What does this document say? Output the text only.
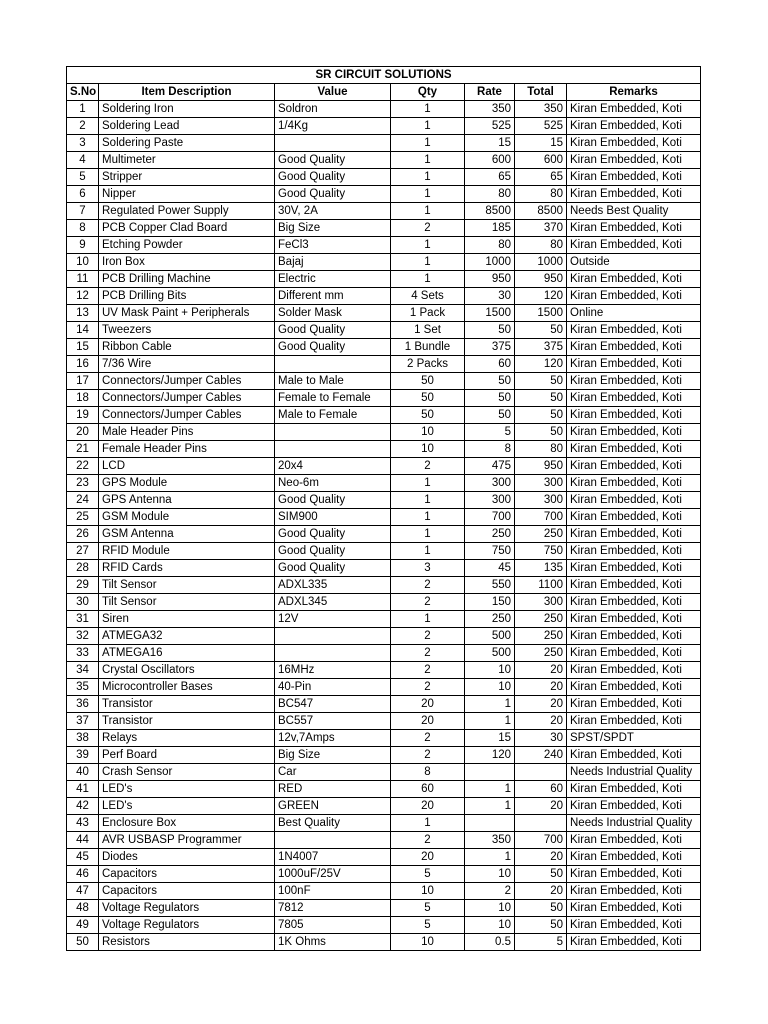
SR CIRCUIT SOLUTIONS						
S.No	Item Description	Value	Qty	Rate	Total	Remarks
1	Soldering Iron	Soldron	1	350	350	Kiran Embedded, Koti
2	Soldering Lead	1/4Kg	1	525	525	Kiran Embedded, Koti
3	Soldering Paste		1	15	15	Kiran Embedded, Koti
4	Multimeter	Good Quality	1	600	600	Kiran Embedded, Koti
5	Stripper	Good Quality	1	65	65	Kiran Embedded, Koti
6	Nipper	Good Quality	1	80	80	Kiran Embedded, Koti
7	Regulated Power Supply	30V, 2A	1	8500	8500	Needs Best Quality
8	PCB Copper Clad Board	Big Size	2	185	370	Kiran Embedded, Koti
9	Etching Powder	FeCl3	1	80	80	Kiran Embedded, Koti
10	Iron Box	Bajaj	1	1000	1000	Outside
11	PCB Drilling Machine	Electric	1	950	950	Kiran Embedded, Koti
12	PCB Drilling Bits	Different mm	4 Sets	30	120	Kiran Embedded, Koti
13	UV Mask Paint + Peripherals	Solder Mask	1 Pack	1500	1500	Online
14	Tweezers	Good Quality	1 Set	50	50	Kiran Embedded, Koti
15	Ribbon Cable	Good Quality	1 Bundle	375	375	Kiran Embedded, Koti
16	7/36 Wire		2 Packs	60	120	Kiran Embedded, Koti
17	Connectors/Jumper Cables	Male to Male	50	50	50	Kiran Embedded, Koti
18	Connectors/Jumper Cables	Female to Female	50	50	50	Kiran Embedded, Koti
19	Connectors/Jumper Cables	Male to Female	50	50	50	Kiran Embedded, Koti
20	Male Header Pins		10	5	50	Kiran Embedded, Koti
21	Female Header Pins		10	8	80	Kiran Embedded, Koti
22	LCD	20x4	2	475	950	Kiran Embedded, Koti
23	GPS Module	Neo-6m	1	300	300	Kiran Embedded, Koti
24	GPS Antenna	Good Quality	1	300	300	Kiran Embedded, Koti
25	GSM Module	SIM900	1	700	700	Kiran Embedded, Koti
26	GSM Antenna	Good Quality	1	250	250	Kiran Embedded, Koti
27	RFID Module	Good Quality	1	750	750	Kiran Embedded, Koti
28	RFID Cards	Good Quality	3	45	135	Kiran Embedded, Koti
29	Tilt Sensor	ADXL335	2	550	1100	Kiran Embedded, Koti
30	Tilt Sensor	ADXL345	2	150	300	Kiran Embedded, Koti
31	Siren	12V	1	250	250	Kiran Embedded, Koti
32	ATMEGA32		2	500	250	Kiran Embedded, Koti
33	ATMEGA16		2	500	250	Kiran Embedded, Koti
34	Crystal Oscillators	16MHz	2	10	20	Kiran Embedded, Koti
35	Microcontroller Bases	40-Pin	2	10	20	Kiran Embedded, Koti
36	Transistor	BC547	20	1	20	Kiran Embedded, Koti
37	Transistor	BC557	20	1	20	Kiran Embedded, Koti
38	Relays	12v,7Amps	2	15	30	SPST/SPDT
39	Perf Board	Big Size	2	120	240	Kiran Embedded, Koti
40	Crash Sensor	Car	8			Needs Industrial Quality
41	LED's	RED	60	1	60	Kiran Embedded, Koti
42	LED's	GREEN	20	1	20	Kiran Embedded, Koti
43	Enclosure Box	Best Quality	1			Needs Industrial Quality
44	AVR USBASP Programmer		2	350	700	Kiran Embedded, Koti
45	Diodes	1N4007	20	1	20	Kiran Embedded, Koti
46	Capacitors	1000uF/25V	5	10	50	Kiran Embedded, Koti
47	Capacitors	100nF	10	2	20	Kiran Embedded, Koti
48	Voltage Regulators	7812	5	10	50	Kiran Embedded, Koti
49	Voltage Regulators	7805	5	10	50	Kiran Embedded, Koti
50	Resistors	1K Ohms	10	0.5	5	Kiran Embedded, Koti
